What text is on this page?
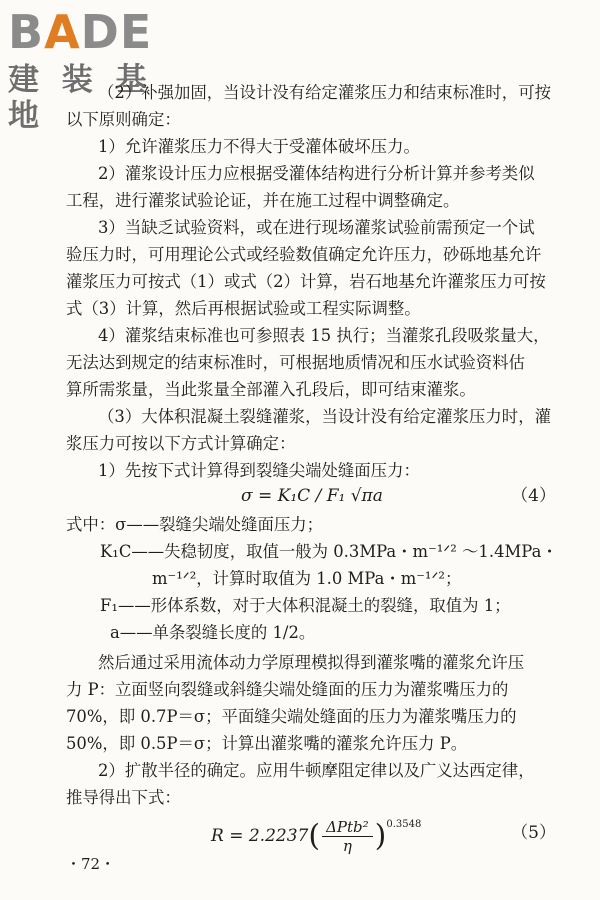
BADE
建 装 基 地
（2）补强加固，当设计没有给定灌浆压力和结束标准时，可按
以下原则确定：
1）允许灌浆压力不得大于受灌体破坏压力。
2）灌浆设计压力应根据受灌体结构进行分析计算并参考类似
工程，进行灌浆试验论证，并在施工过程中调整确定。
3）当缺乏试验资料，或在进行现场灌浆试验前需预定一个试
验压力时，可用理论公式或经验数值确定允许压力，砂砾地基允许
灌浆压力可按式（1）或式（2）计算，岩石地基允许灌浆压力可按
式（3）计算，然后再根据试验或工程实际调整。
4）灌浆结束标准也可参照表 15 执行；当灌浆孔段吸浆量大，
无法达到规定的结束标准时，可根据地质情况和压水试验资料估
算所需浆量，当此浆量全部灌入孔段后，即可结束灌浆。
（3）大体积混凝土裂缝灌浆，当设计没有给定灌浆压力时，灌
浆压力可按以下方式计算确定：
1）先按下式计算得到裂缝尖端处缝面压力：
σ = K₁C / F₁ √πa	（4）
式中：σ——裂缝尖端处缝面压力；
K₁C——失稳韧度，取值一般为 0.3MPa・m⁻¹ᐟ² ～1.4MPa・
m⁻¹ᐟ²，计算时取值为 1.0 MPa・m⁻¹ᐟ²；
F₁——形体系数，对于大体积混凝土的裂缝，取值为 1；
a——单条裂缝长度的 1/2。
然后通过采用流体动力学原理模拟得到灌浆嘴的灌浆允许压
力 P：立面竖向裂缝或斜缝尖端处缝面的压力为灌浆嘴压力的
70%，即 0.7P＝σ；平面缝尖端处缝面的压力为灌浆嘴压力的
50%，即 0.5P＝σ；计算出灌浆嘴的灌浆允许压力 P。
2）扩散半径的确定。应用牛顿摩阻定律以及广义达西定律，
推导得出下式：
$R = 2.2237( \frac{\text{ΔPtb²}}{\eta} )^{0.3548}$	（5）
・72・
